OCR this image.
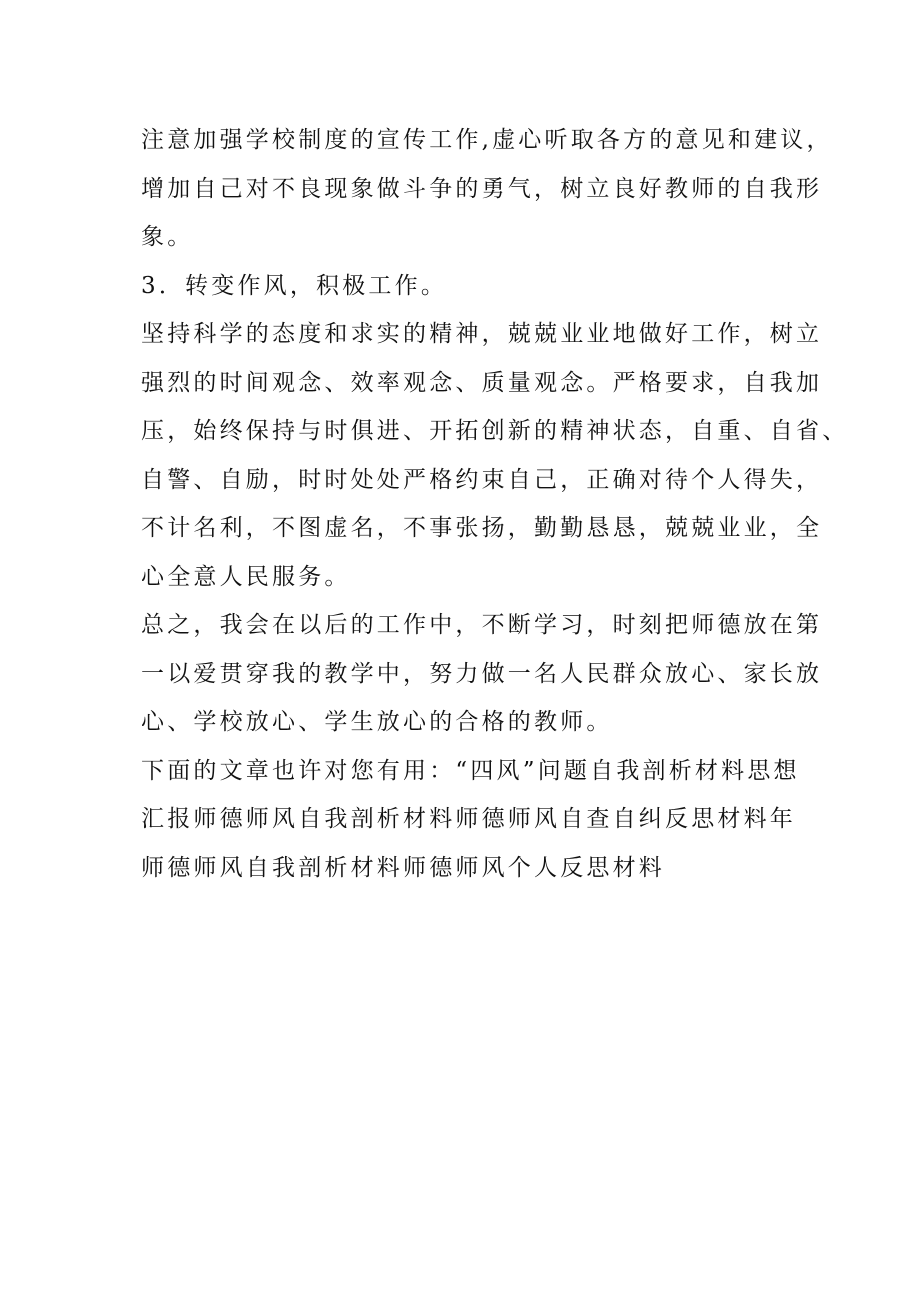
注意加强学校制度的宣传工作,虚心听取各方的意见和建议，
增加自己对不良现象做斗争的勇气，树立良好教师的自我形
象。
3．转变作风，积极工作。
坚持科学的态度和求实的精神，兢兢业业地做好工作，树立
强烈的时间观念、效率观念、质量观念。严格要求，自我加
压，始终保持与时俱进、开拓创新的精神状态，自重、自省、
自警、自励，时时处处严格约束自己，正确对待个人得失，
不计名利，不图虚名，不事张扬，勤勤恳恳，兢兢业业，全
心全意人民服务。
总之，我会在以后的工作中，不断学习，时刻把师德放在第
一以爱贯穿我的教学中，努力做一名人民群众放心、家长放
心、学校放心、学生放心的合格的教师。
下面的文章也许对您有用：“四风”问题自我剖析材料思想
汇报师德师风自我剖析材料师德师风自查自纠反思材料年
师德师风自我剖析材料师德师风个人反思材料
